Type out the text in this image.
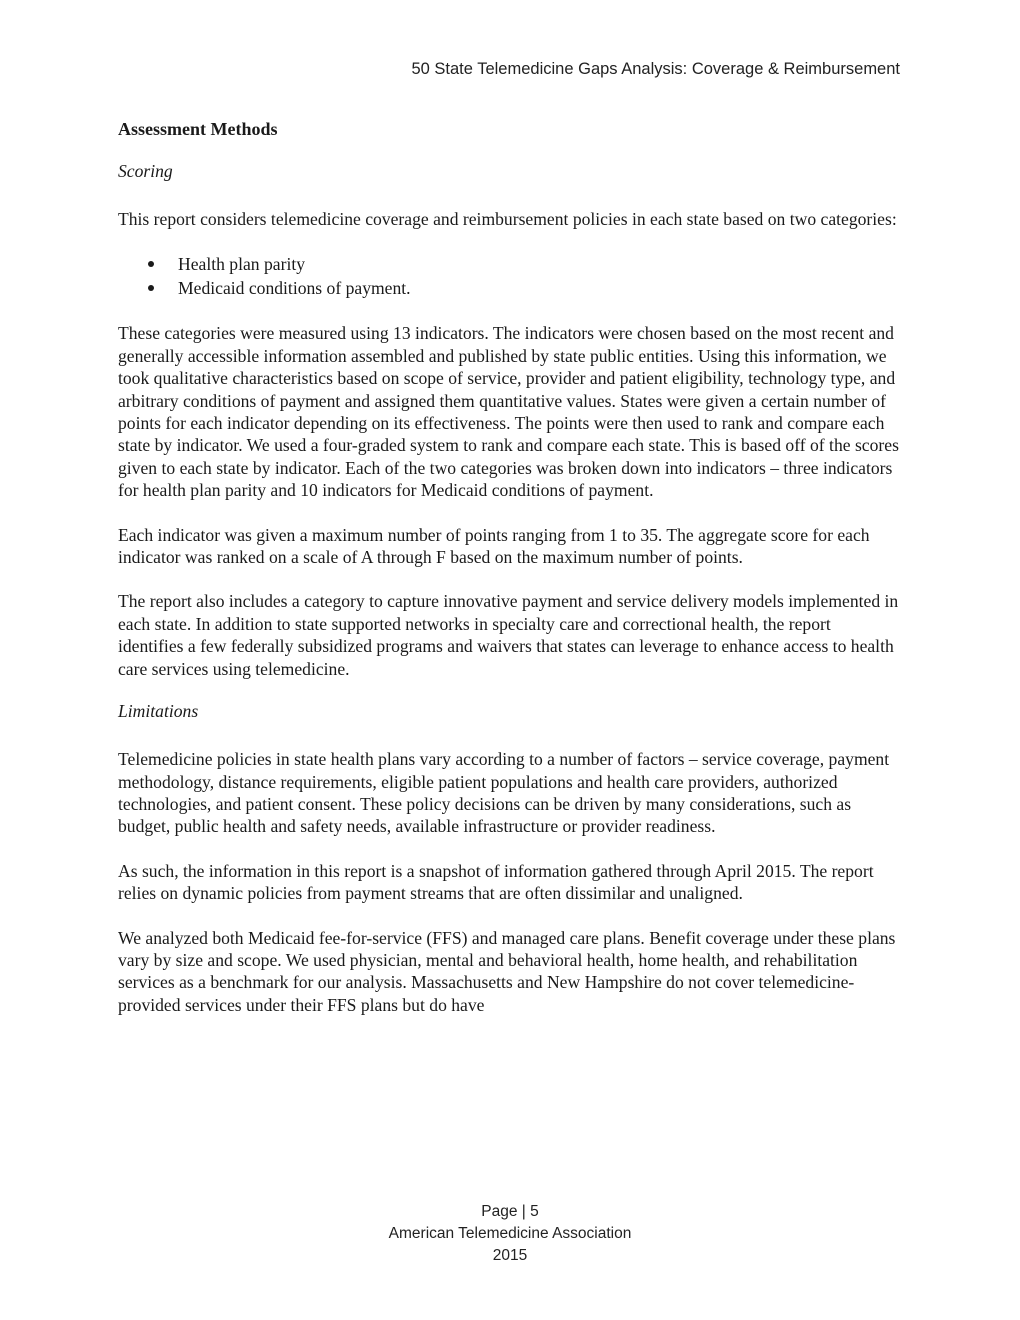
50 State Telemedicine Gaps Analysis: Coverage & Reimbursement
Assessment Methods
Scoring

This report considers telemedicine coverage and reimbursement policies in each state based on two categories:

Health plan parity
Medicaid conditions of payment.

These categories were measured using 13 indicators. The indicators were chosen based on the most recent and generally accessible information assembled and published by state public entities. Using this information, we took qualitative characteristics based on scope of service, provider and patient eligibility, technology type, and arbitrary conditions of payment and assigned them quantitative values. States were given a certain number of points for each indicator depending on its effectiveness. The points were then used to rank and compare each state by indicator. We used a four-graded system to rank and compare each state. This is based off of the scores given to each state by indicator. Each of the two categories was broken down into indicators – three indicators for health plan parity and 10 indicators for Medicaid conditions of payment.

Each indicator was given a maximum number of points ranging from 1 to 35. The aggregate score for each indicator was ranked on a scale of A through F based on the maximum number of points.

The report also includes a category to capture innovative payment and service delivery models implemented in each state. In addition to state supported networks in specialty care and correctional health, the report identifies a few federally subsidized programs and waivers that states can leverage to enhance access to health care services using telemedicine.

Limitations

Telemedicine policies in state health plans vary according to a number of factors – service coverage, payment methodology, distance requirements, eligible patient populations and health care providers, authorized technologies, and patient consent. These policy decisions can be driven by many considerations, such as budget, public health and safety needs, available infrastructure or provider readiness.

As such, the information in this report is a snapshot of information gathered through April 2015. The report relies on dynamic policies from payment streams that are often dissimilar and unaligned.

We analyzed both Medicaid fee-for-service (FFS) and managed care plans. Benefit coverage under these plans vary by size and scope. We used physician, mental and behavioral health, home health, and rehabilitation services as a benchmark for our analysis. Massachusetts and New Hampshire do not cover telemedicine-provided services under their FFS plans but do have

Page | 5
American Telemedicine Association
2015
